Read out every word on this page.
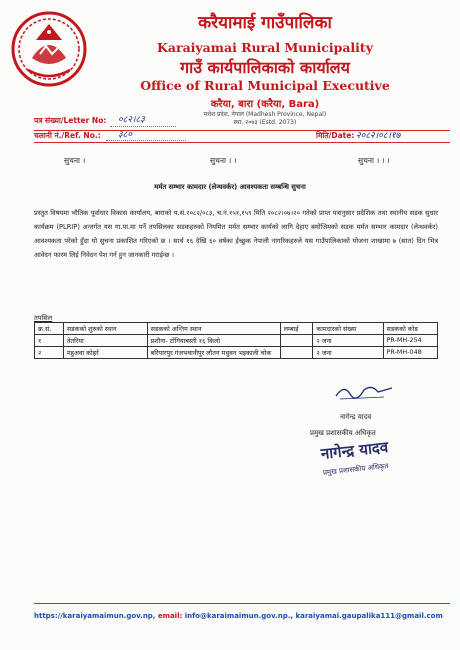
करैयामाई गाउँपालिका
Karaiyamai Rural Municipality
गाउँ कार्यपालिकाको कार्यालय
Office of Rural Municipal Executive
करैया, बारा (करैया, Bara)
मधेश प्रदेश, नेपाल (Madhesh Province, Nepal)
स्था. २०७३ (Estd. 2073)
पत्र संख्या/Letter No: ०८२।८३
चलानी नं./Ref. No.: ३८०	मिति/Date: २०८२।०८।१७
सुचना ।	सुचना । ।	सुचना । । ।
मर्मत सम्भार कामदार (लेन्थवर्कर) आवश्यकता सम्बन्धि सुचना

प्रस्तुत विषयमा भौतिक पूर्वाधार विकास कार्यालय, बाराको प.सं.२०८२/०८३, च.नं.१५१,१५९ मिति २०८२।०७।२० गतेको प्राप्त पत्रानुसार प्रदेशिक तथा स्थानीय सडक सुधार कार्यक्रम (PLRIP) अन्तर्गत यस गा.पा.मा पर्ने तपसिलका सडकहरुको नियमित मर्मत सम्भार कार्यको लागि देहाए बमोजिमको सडक मर्मत सम्भार कामदार (लेन्थवर्कर) आवश्यकता परेको हुँदा यो सुचना प्रकाशित गरिएको छ । सार्थ १६ देखि ६० वर्षका ईच्छुक नेपाली नागरिकहरुले यस गाउँपालिकाको योजना शाखामा ७ (सात) दिन भित्र आवेदन फारम लिई निवेदन पेश गर्न हुन जानकारी गराईन्छ ।

तपसिल
क्र.सं.	सडकको शुरुको स्थान	सडकको अन्तिम स्थान	लम्बाई	कामदारको संख्या	सडकको कोड
१	तेतरिया	प्रशौना- टाँगियाबस्ती १६ किलो		२ जना	PR-MH-254
२	महुअवा कोहर्र	बरियारपुर गंजभवानीपुर लौतन मधुवन भइकाली चोक		२ जना	PR-MH-048
नागेन्द्र यादव
प्रमुख प्रशासकीय अधिकृत
नागेन्द्र यादव
प्रमुख प्रशासकीय अधिकृत
https://karaiyamaimun.gov.np, email: info@karaimaimun.gov.np., karaiyamai.gaupalika111@gmail.com
